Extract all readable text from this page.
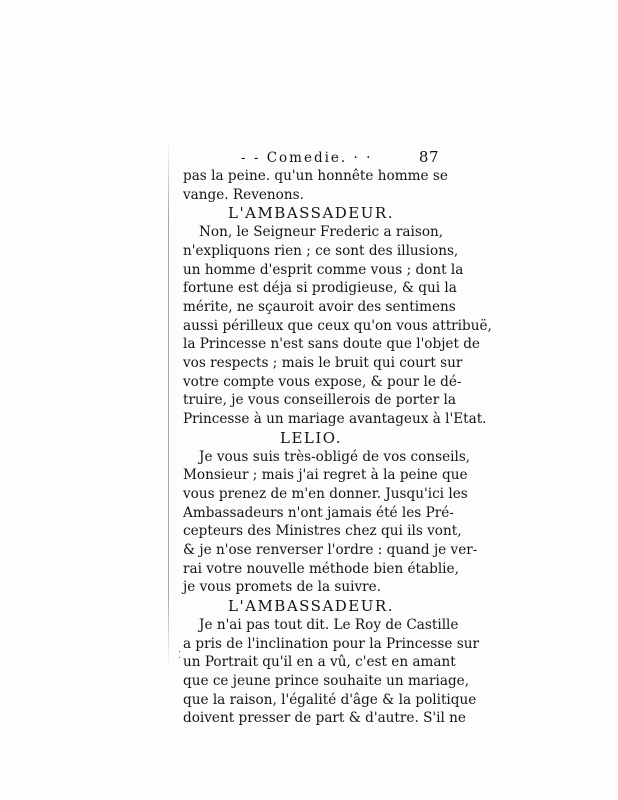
- - Comedie. · ·	87
pas la peine. qu'un honnête homme se
vange. Revenons.
L'AMBASSADEUR.
Non, le Seigneur Frederic a raison,
n'expliquons rien ; ce sont des illusions,
un homme d'esprit comme vous ; dont la
fortune est déja si prodigieuse, & qui la
mérite, ne sçauroit avoir des sentimens
aussi périlleux que ceux qu'on vous attribuë,
la Princesse n'est sans doute que l'objet de
vos respects ; mais le bruit qui court sur
votre compte vous expose, & pour le dé-
truire, je vous conseillerois de porter la
Princesse à un mariage avantageux à l'Etat.
LELIO.
Je vous suis très-obligé de vos conseils,
Monsieur ; mais j'ai regret à la peine que
vous prenez de m'en donner. Jusqu'ici les
Ambassadeurs n'ont jamais été les Pré-
cepteurs des Ministres chez qui ils vont,
& je n'ose renverser l'ordre : quand je ver-
rai votre nouvelle méthode bien établie,
je vous promets de la suivre.
L'AMBASSADEUR.
Je n'ai pas tout dit. Le Roy de Castille
a pris de l'inclination pour la Princesse sur
un Portrait qu'il en a vû, c'est en amant
que ce jeune prince souhaite un mariage,
que la raison, l'égalité d'âge & la politique
doivent presser de part & d'autre. S'il ne
⁚
